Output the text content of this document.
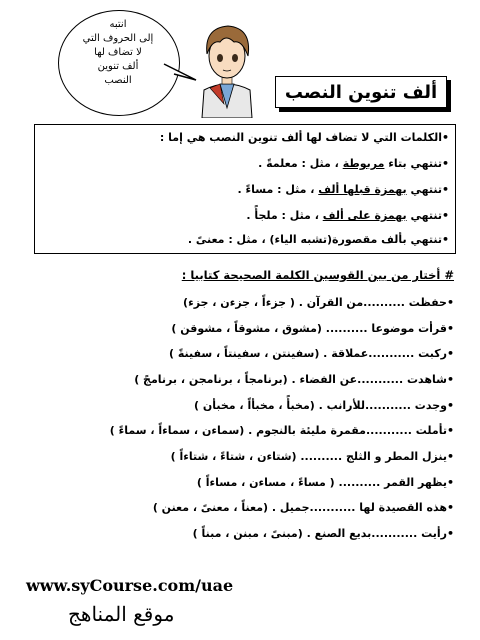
انتبه
إلى الحروف التي
لا تضاف لها
ألف تنوين
النصب
ألف تنوين النصب
•الكلمات التي لا تضاف لها ألف تنوين النصب هي إما :
•تنتهي بتاء مربوطة ، مثل : معلمةً .
•تنتهي بهمزة قبلها ألف ، مثل : مساءً .
•تنتهي بهمزة على ألف ، مثل : ملجأً .
•تنتهي بألف مقصورة(تشبه الياء) ، مثل : معنىً .
# أختار من بين القوسين الكلمة الصحيحة كتابيا :
•حفظت ..........من القرآن . ( جزءاً ، جزءن ، جزء)
•قرأت موضوعا .......... (مشوق ، مشوقاً ، مشوقن )
•ركبت ...........عملاقة . (سفينتن ، سفينتاً ، سفينةً )
•شاهدت ...........عن الفضاء . (برنامجاً ، برنامجن ، برنامجً )
•وجدت ...........للأرانب . (مخبأً ، مخبأاً ، مخبأن )
•تأملت ...........مقمرة مليئة بالنجوم . (سماءن ، سماءاً ، سماءً )
•ينزل المطر و الثلج .......... (شتاءن ، شتاءً ، شتاءاً )
•يظهر القمر .......... ( مساءً ، مساءن ، مساءاً )
•هذه القصيدة لها ...........جميل . (معناً ، معنىً ، معنن )
•رأيت ...........بديع الصنع . (مبنىً ، مبنن ، مبناً )
www.syCourse.com/uae
موقع المناهج
